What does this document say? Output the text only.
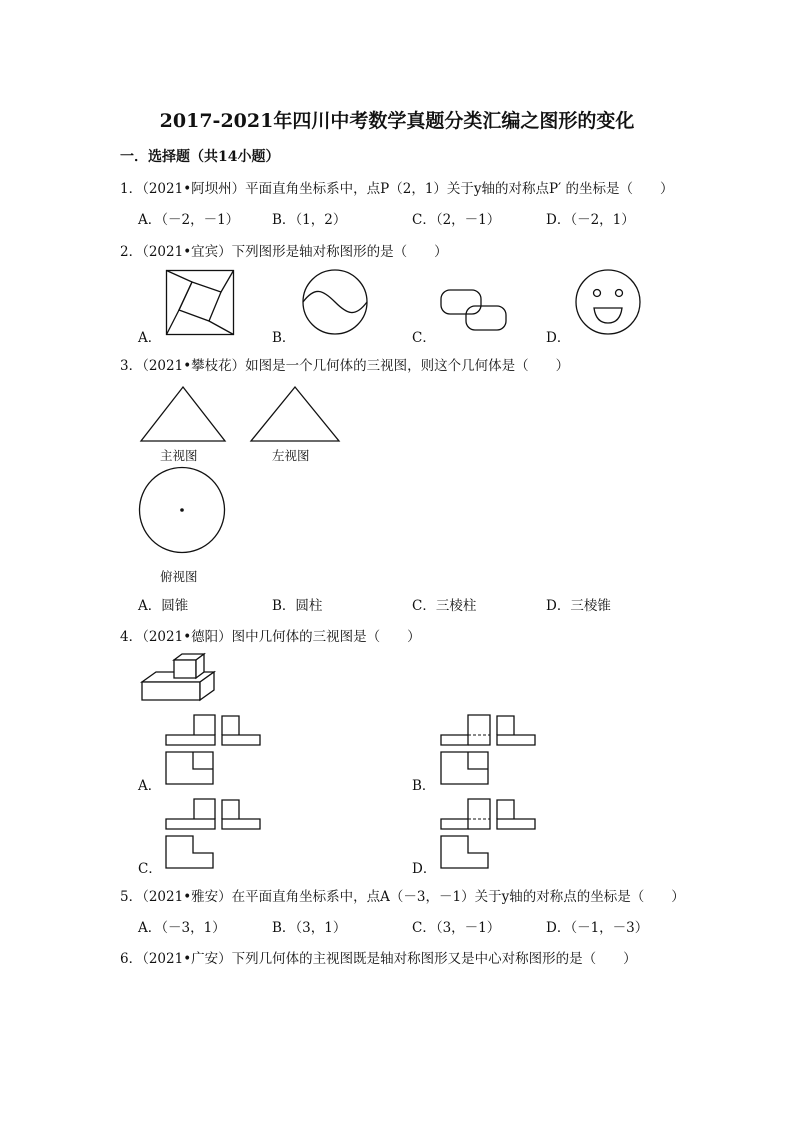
2017-2021年四川中考数学真题分类汇编之图形的变化
一．选择题（共14小题）
1．（2021•阿坝州）平面直角坐标系中，点P（2，1）关于y轴的对称点P′ 的坐标是（　　）
A．（－2，－1） B．（1，2）	C．（2，－1）	D．（－2，1）
2．（2021•宜宾）下列图形是轴对称图形的是（　　）
A．	B．	C．	D．
3．（2021•攀枝花）如图是一个几何体的三视图，则这个几何体是（　　）
主视图	左视图
俯视图
A．圆锥	B．圆柱	C．三棱柱	D．三棱锥
4．（2021•德阳）图中几何体的三视图是（　　）
A．	B．
C．	D．
5．（2021•雅安）在平面直角坐标系中，点A（－3，－1）关于y轴的对称点的坐标是（　　）
A．（－3，1）	B．（3，1）	C．（3，－1）	D．（－1，－3）
6．（2021•广安）下列几何体的主视图既是轴对称图形又是中心对称图形的是（　　）
